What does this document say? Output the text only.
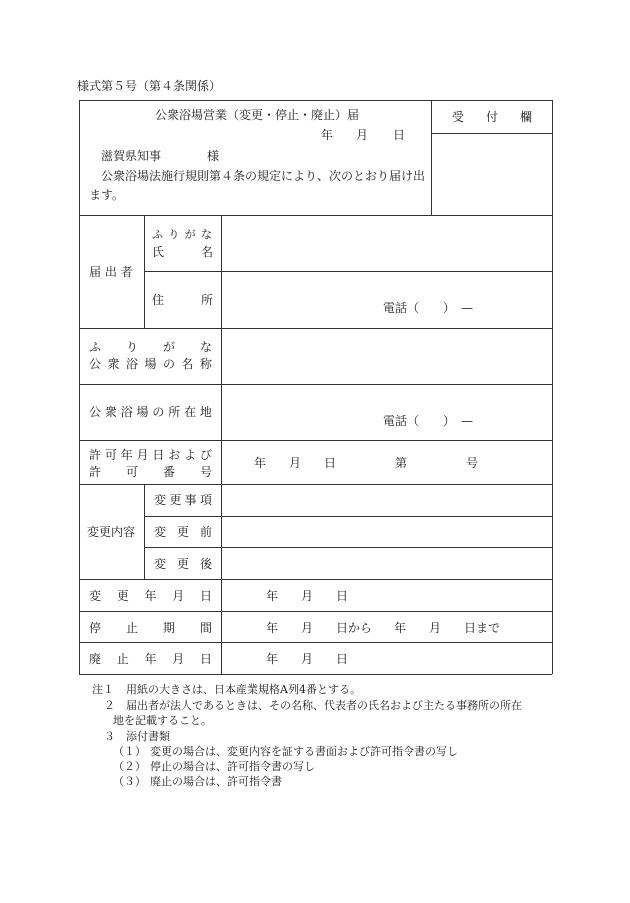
様式第５号（第４条関係）
公衆浴場営業（変更・停止・廃止）届
年 月 日
滋賀県知事	様
公衆浴場法施行規則第４条の規定により、次のとおり届け出
ます。
受 付 欄
届 出 者
ふ り が な
氏	名
住	所
電話（　　）　—
ふ り が な
公 衆 浴 場 の 名 称
公 衆 浴 場 の 所 在 地
電話（　　）　—
許 可 年 月 日 お よ び
許 可 番 号
年 月 日	第	号
変更内容
変 更 事 項
変 更 前
変 更 後
変 更 年 月 日	年 月 日
停 止 期 間	年 月 日から 年 月 日まで
廃 止 年 月 日	年 月 日
注１ 用紙の大きさは、日本産業規格A列4番とする。
２ 届出者が法人であるときは、その名称、代表者の氏名および主たる事務所の所在
地を記載すること。
３ 添付書類
（１） 変更の場合は、変更内容を証する書面および許可指令書の写し
（２） 停止の場合は、許可指令書の写し
（３） 廃止の場合は、許可指令書
